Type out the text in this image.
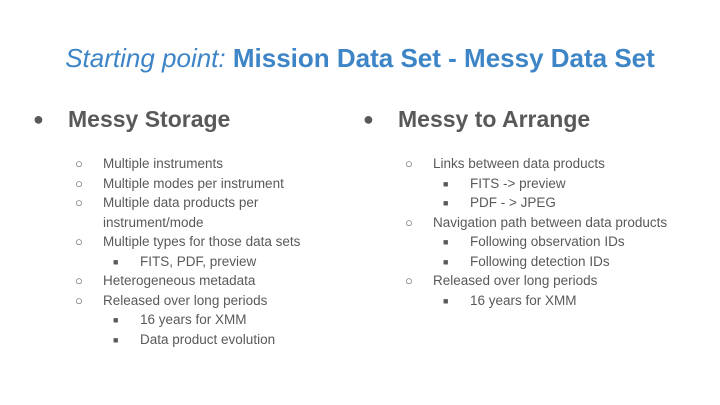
Starting point: Mission Data Set - Messy Data Set
● Messy Storage
○ Multiple instruments
○ Multiple modes per instrument
○ Multiple data products per
instrument/mode
○ Multiple types for those data sets
■ FITS, PDF, preview
○ Heterogeneous metadata
○ Released over long periods
■ 16 years for XMM
■ Data product evolution
● Messy to Arrange
○ Links between data products
■ FITS -> preview
■ PDF - > JPEG
○ Navigation path between data products
■ Following observation IDs
■ Following detection IDs
○ Released over long periods
■ 16 years for XMM
